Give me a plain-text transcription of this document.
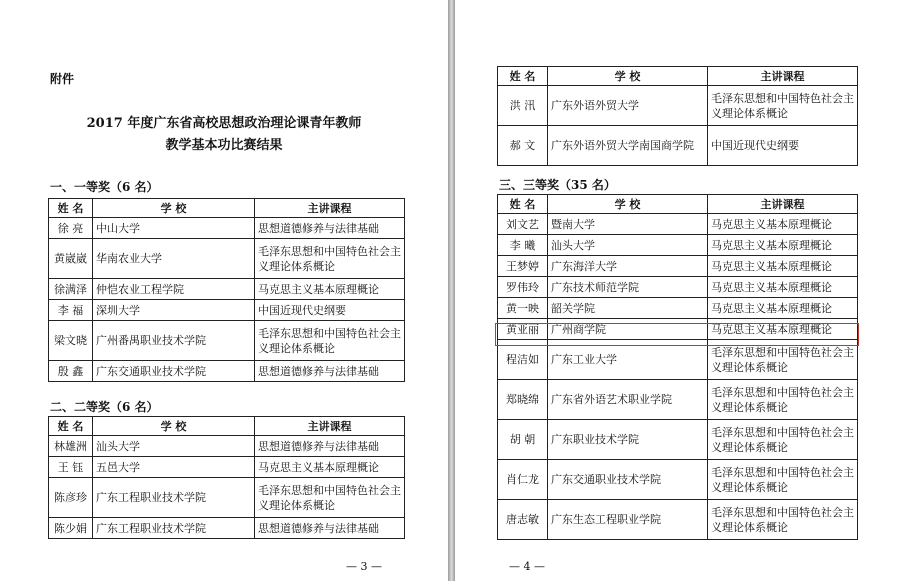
附件
2017 年度广东省高校思想政治理论课青年教师
教学基本功比赛结果
一、一等奖（6 名）
姓 名	学 校	主讲课程
徐 亮	中山大学	思想道德修养与法律基础
黄崴崴	华南农业大学	毛泽东思想和中国特色社会主义理论体系概论
徐满泽	仲恺农业工程学院	马克思主义基本原理概论
李 福	深圳大学	中国近现代史纲要
梁文晓	广州番禺职业技术学院	毛泽东思想和中国特色社会主义理论体系概论
殷 鑫	广东交通职业技术学院	思想道德修养与法律基础
二、二等奖（6 名）
姓 名	学 校	主讲课程
林雄洲	汕头大学	思想道德修养与法律基础
王 钰	五邑大学	马克思主义基本原理概论
陈彦珍	广东工程职业技术学院	毛泽东思想和中国特色社会主义理论体系概论
陈少娟	广东工程职业技术学院	思想道德修养与法律基础
— 3 —
姓 名	学 校	主讲课程
洪 汛	广东外语外贸大学	毛泽东思想和中国特色社会主义理论体系概论
郝 文	广东外语外贸大学南国商学院	中国近现代史纲要
三、三等奖（35 名）
姓 名	学 校	主讲课程
刘文艺	暨南大学	马克思主义基本原理概论
李 曦	汕头大学	马克思主义基本原理概论
王梦婷	广东海洋大学	马克思主义基本原理概论
罗伟玲	广东技术师范学院	马克思主义基本原理概论
黄一映	韶关学院	马克思主义基本原理概论
黄亚丽	广州商学院	马克思主义基本原理概论
程洁如	广东工业大学	毛泽东思想和中国特色社会主义理论体系概论
郑晓绵	广东省外语艺术职业学院	毛泽东思想和中国特色社会主义理论体系概论
胡 朝	广东职业技术学院	毛泽东思想和中国特色社会主义理论体系概论
肖仁龙	广东交通职业技术学院	毛泽东思想和中国特色社会主义理论体系概论
唐志敏	广东生态工程职业学院	毛泽东思想和中国特色社会主义理论体系概论
— 4 —
